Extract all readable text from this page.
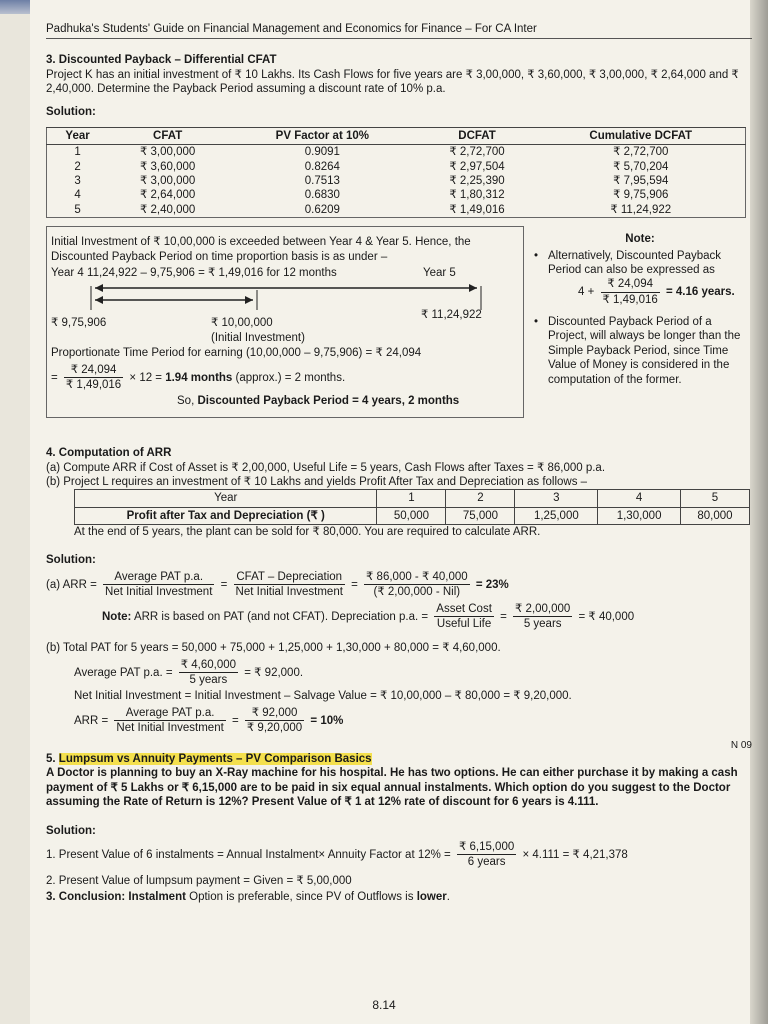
Padhuka's Students' Guide on Financial Management and Economics for Finance – For CA Inter
3. Discounted Payback – Differential CFAT
Project K has an initial investment of ₹ 10 Lakhs. Its Cash Flows for five years are ₹ 3,00,000, ₹ 3,60,000, ₹ 3,00,000, ₹ 2,64,000 and ₹ 2,40,000. Determine the Payback Period assuming a discount rate of 10% p.a.
Solution:
Year	CFAT	PV Factor at 10%	DCFAT	Cumulative DCFAT
1	₹ 3,00,000	0.9091	₹ 2,72,700	₹ 2,72,700
2	₹ 3,60,000	0.8264	₹ 2,97,504	₹ 5,70,204
3	₹ 3,00,000	0.7513	₹ 2,25,390	₹ 7,95,594
4	₹ 2,64,000	0.6830	₹ 1,80,312	₹ 9,75,906
5	₹ 2,40,000	0.6209	₹ 1,49,016	₹ 11,24,922
Initial Investment of ₹ 10,00,000 is exceeded between Year 4 & Year 5. Hence, the Discounted Payback Period on time proportion basis is as under –
Year 4 11,24,922 – 9,75,906 = ₹ 1,49,016 for 12 months	Year 5
₹ 9,75,906	₹ 10,00,000
(Initial Investment)
₹ 11,24,922
Proportionate Time Period for earning (10,00,000 – 9,75,906) = ₹ 24,094
= $\frac{₹ 24,094}{₹ 1,49,016} \times 12 = 1.94$ months (approx.) = 2 months.
So, Discounted Payback Period = 4 years, 2 months
Note:
• Alternatively, Discounted Payback Period can also be expressed as
$4 + \frac{₹ 24,094}{₹ 1,49,016} = 4.16$ years.
• Discounted Payback Period of a Project, will always be longer than the Simple Payback Period, since Time Value of Money is considered in the computation of the former.
4. Computation of ARR
(a) Compute ARR if Cost of Asset is ₹ 2,00,000, Useful Life = 5 years, Cash Flows after Taxes = ₹ 86,000 p.a.
(b) Project L requires an investment of ₹ 10 Lakhs and yields Profit After Tax and Depreciation as follows –
Year	1	2	3	4	5
Profit after Tax and Depreciation (₹ )	50,000	75,000	1,25,000	1,30,000	80,000
At the end of 5 years, the plant can be sold for ₹ 80,000. You are required to calculate ARR.
Solution:
(a) ARR = $\frac{\text{Average PAT p.a.}}{\text{Net Initial Investment}} = \frac{\text{CFAT – Depreciation}}{\text{Net Initial Investment}} = \frac{₹ 86,000 - ₹ 40,000}{\text{(₹ 2,00,000 - Nil)}} = 23\%$
Note: ARR is based on PAT (and not CFAT). Depreciation p.a. = $\frac{\text{Asset Cost}}{\text{Useful Life}} = \frac{₹ 2,00,000}{\text{5 years}}$ = ₹ 40,000
(b) Total PAT for 5 years = 50,000 + 75,000 + 1,25,000 + 1,30,000 + 80,000 = ₹ 4,60,000.
Average PAT p.a. = $\frac{₹ 4,60,000}{\text{5 years}}$ = ₹ 92,000.
Net Initial Investment = Initial Investment – Salvage Value = ₹ 10,00,000 – ₹ 80,000 = ₹ 9,20,000.
ARR = $\frac{\text{Average PAT p.a.}}{\text{Net Initial Investment}} = \frac{₹ 92,000}{₹ 9,20,000} = 10\%$
N 09
5. Lumpsum vs Annuity Payments – PV Comparison Basics
A Doctor is planning to buy an X-Ray machine for his hospital. He has two options. He can either purchase it by making a cash payment of ₹ 5 Lakhs or ₹ 6,15,000 are to be paid in six equal annual instalments. Which option do you suggest to the Doctor assuming the Rate of Return is 12%? Present Value of ₹ 1 at 12% rate of discount for 6 years is 4.111.
Solution:
1. Present Value of 6 instalments = Annual Instalment× Annuity Factor at $12\% = \frac{₹ 6,15,000}{\text{6 years}} \times 4.111$ = ₹ 4,21,378
2. Present Value of lumpsum payment = Given = ₹ 5,00,000
3. Conclusion: Instalment Option is preferable, since PV of Outflows is lower.
8.14
